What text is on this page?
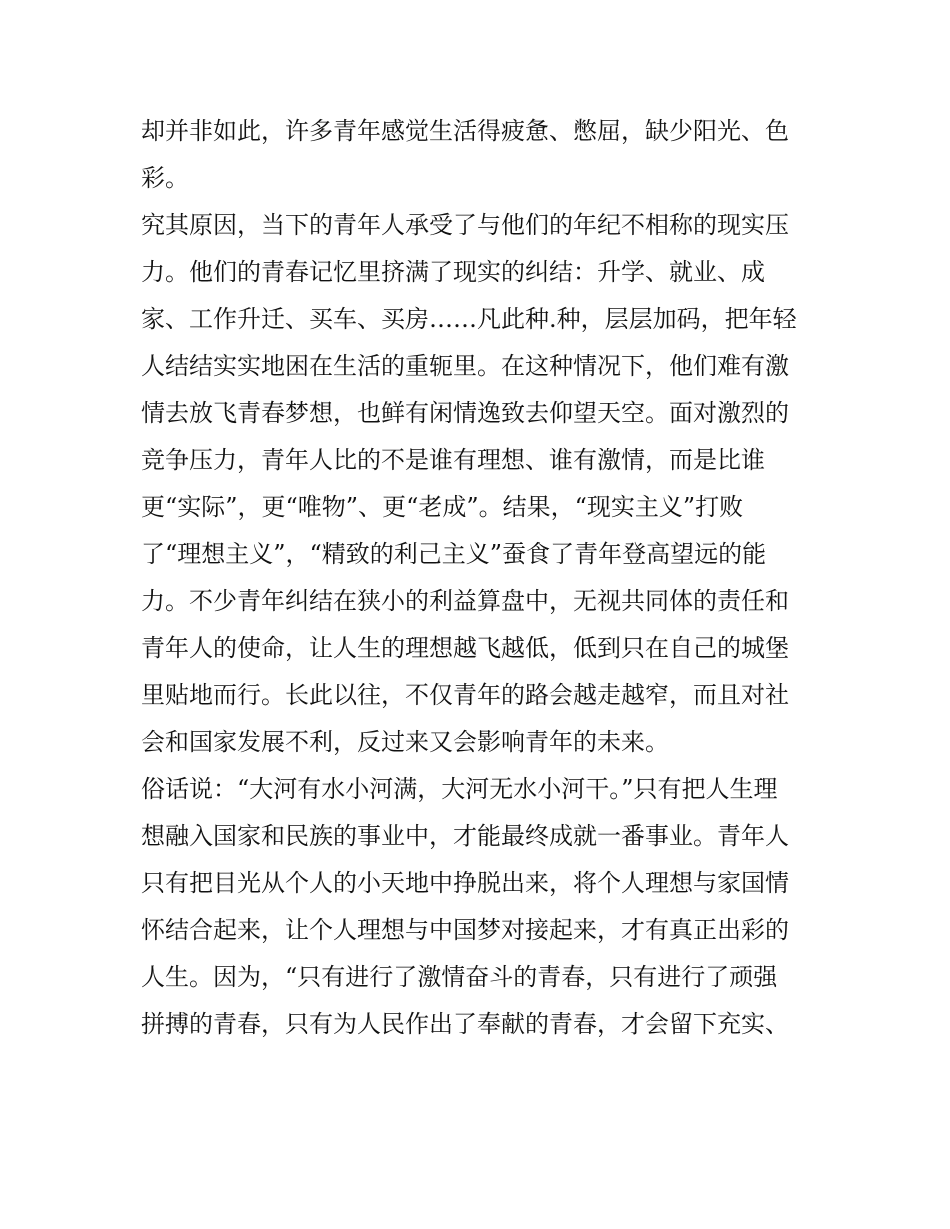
却并非如此，许多青年感觉生活得疲惫、憋屈，缺少阳光、色
彩。
究其原因，当下的青年人承受了与他们的年纪不相称的现实压
力。他们的青春记忆里挤满了现实的纠结：升学、就业、成
家、工作升迁、买车、买房……凡此种.种，层层加码，把年轻
人结结实实地困在生活的重轭里。在这种情况下，他们难有激
情去放飞青春梦想，也鲜有闲情逸致去仰望天空。面对激烈的
竞争压力，青年人比的不是谁有理想、谁有激情，而是比谁
更“实际”，更“唯物”、更“老成”。结果，“现实主义”打败
了“理想主义”，“精致的利己主义”蚕食了青年登高望远的能
力。不少青年纠结在狭小的利益算盘中，无视共同体的责任和
青年人的使命，让人生的理想越飞越低，低到只在自己的城堡
里贴地而行。长此以往，不仅青年的路会越走越窄，而且对社
会和国家发展不利，反过来又会影响青年的未来。
俗话说：“大河有水小河满，大河无水小河干。”只有把人生理
想融入国家和民族的事业中，才能最终成就一番事业。青年人
只有把目光从个人的小天地中挣脱出来，将个人理想与家国情
怀结合起来，让个人理想与中国梦对接起来，才有真正出彩的
人生。因为，“只有进行了激情奋斗的青春，只有进行了顽强
拼搏的青春，只有为人民作出了奉献的青春，才会留下充实、
